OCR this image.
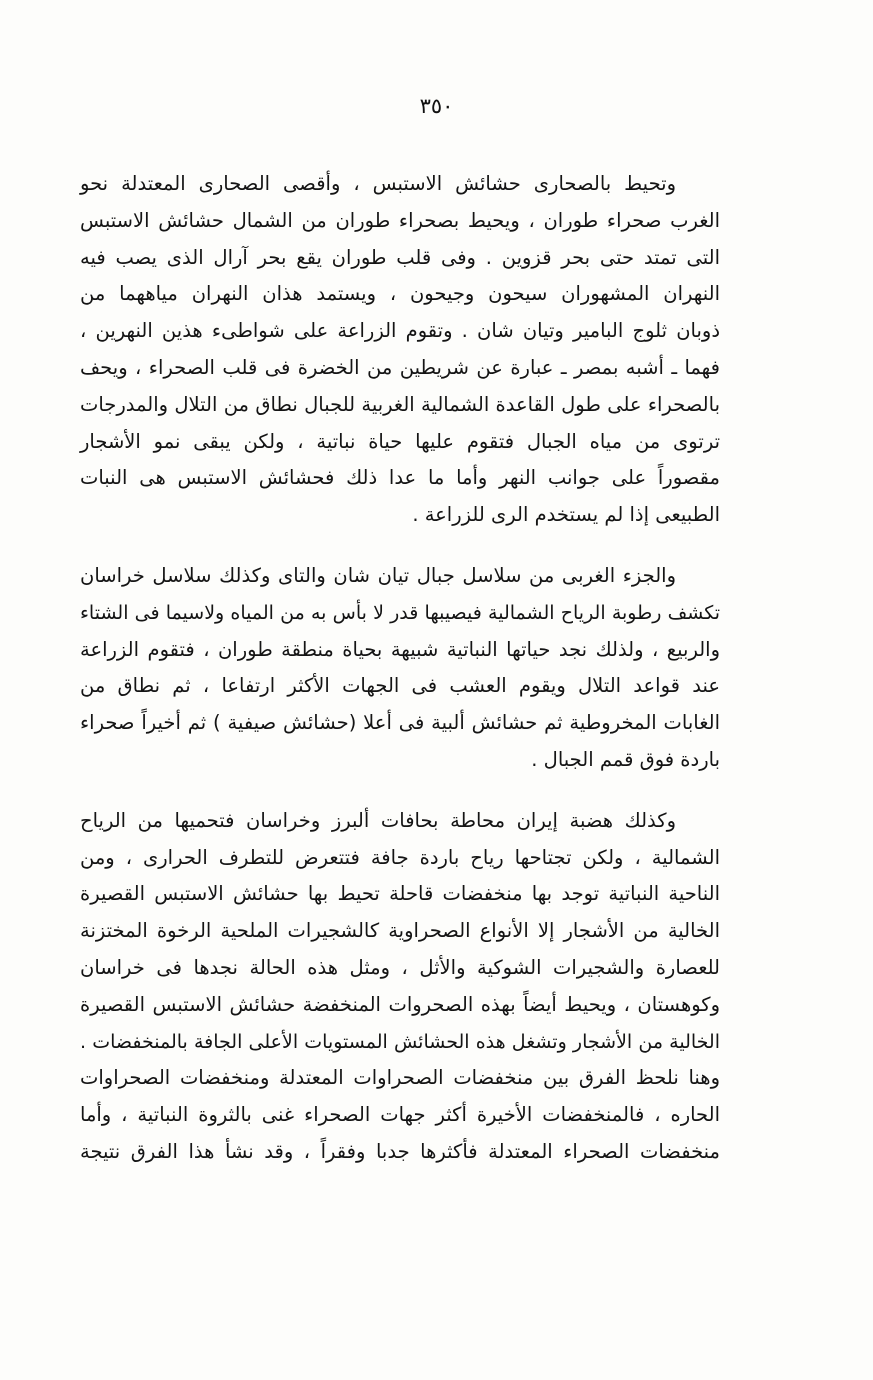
٣٥٠
وتحيط بالصحارى حشائش الاستبس ، وأقصى الصحارى المعتدلة نحو
الغرب صحراء طوران ، ويحيط بصحراء طوران من الشمال حشائش الاستبس
التى تمتد حتى بحر قزوين . وفى قلب طوران يقع بحر آرال الذى يصب فيه
النهران المشهوران سيحون وجيحون ، ويستمد هذان النهران مياههما من
ذوبان ثلوج البامير وتيان شان . وتقوم الزراعة على شواطىء هذين النهرين ،
فهما ـ أشبه بمصر ـ عبارة عن شريطين من الخضرة فى قلب الصحراء ، ويحف
بالصحراء على طول القاعدة الشمالية الغربية للجبال نطاق من التلال والمدرجات
ترتوى من مياه الجبال فتقوم عليها حياة نباتية ، ولكن يبقى نمو الأشجار
مقصوراً على جوانب النهر وأما ما عدا ذلك فحشائش الاستبس هى النبات
الطبيعى إذا لم يستخدم الرى للزراعة .
والجزء الغربى من سلاسل جبال تيان شان والتاى وكذلك سلاسل خراسان
تكشف رطوبة الرياح الشمالية فيصيبها قدر لا بأس به من المياه ولاسيما فى الشتاء
والربيع ، ولذلك نجد حياتها النباتية شبيهة بحياة منطقة طوران ، فتقوم الزراعة
عند قواعد التلال ويقوم العشب فى الجهات الأكثر ارتفاعا ، ثم نطاق من
الغابات المخروطية ثم حشائش ألبية فى أعلا (حشائش صيفية ) ثم أخيراً صحراء
باردة فوق قمم الجبال .
وكذلك هضبة إيران محاطة بحافات ألبرز وخراسان فتحميها من الرياح
الشمالية ، ولكن تجتاحها رياح باردة جافة فتتعرض للتطرف الحرارى ، ومن
الناحية النباتية توجد بها منخفضات قاحلة تحيط بها حشائش الاستبس القصيرة
الخالية من الأشجار إلا الأنواع الصحراوية كالشجيرات الملحية الرخوة المختزنة
للعصارة والشجيرات الشوكية والأثل ، ومثل هذه الحالة نجدها فى خراسان
وكوهستان ، ويحيط أيضاً بهذه الصحروات المنخفضة حشائش الاستبس القصيرة
الخالية من الأشجار وتشغل هذه الحشائش المستويات الأعلى الجافة بالمنخفضات .
وهنا نلحظ الفرق بين منخفضات الصحراوات المعتدلة ومنخفضات الصحراوات
الحاره ، فالمنخفضات الأخيرة أكثر جهات الصحراء غنى بالثروة النباتية ، وأما
منخفضات الصحراء المعتدلة فأكثرها جدبا وفقراً ، وقد نشأ هذا الفرق نتيجة
